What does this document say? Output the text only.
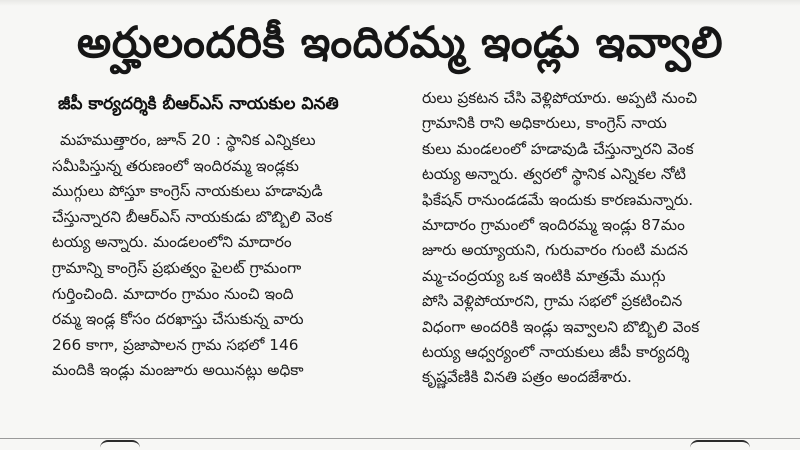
అర్హులందరికీ ఇందిరమ్మ ఇండ్లు ఇవ్వాలి
జీపీ కార్యదర్శికి బీఆర్ఎస్ నాయకుల వినతి
మహముత్తారం, జూన్ 20 : స్థానిక ఎన్నికలు
సమీపిస్తున్న తరుణంలో ఇందిరమ్మ ఇండ్లకు
ముగ్గులు పోస్తూ కాంగ్రెస్ నాయకులు హడావుడి
చేస్తున్నారని బీఆర్ఎస్ నాయకుడు బొబ్బిలి వెంక
టయ్య అన్నారు. మండలంలోని మాదారం
గ్రామాన్ని కాంగ్రెస్ ప్రభుత్వం పైలట్ గ్రామంగా
గుర్తించింది. మాదారం గ్రామం నుంచి ఇంది
రమ్మ ఇండ్ల కోసం దరఖాస్తు చేసుకున్న వారు
266 కాగా, ప్రజాపాలన గ్రామ సభలో 146
మందికి ఇండ్లు మంజూరు అయినట్లు అధికా
రులు ప్రకటన చేసి వెళ్లిపోయారు. అప్పటి నుంచి
గ్రామానికి రాని అధికారులు, కాంగ్రెస్ నాయ
కులు మండలంలో హడావుడి చేస్తున్నారని వెంక
టయ్య అన్నారు. త్వరలో స్థానిక ఎన్నికల నోటి
ఫికేషన్ రానుండడమే ఇందుకు కారణమన్నారు.
మాదారం గ్రామంలో ఇందిరమ్మ ఇండ్లు 87మం
జూరు అయ్యాయని, గురువారం గుంటి మదన
మ్మ-చంద్రయ్య ఒక ఇంటికి మాత్రమే ముగ్గు
పోసి వెళ్లిపోయారని, గ్రామ సభలో ప్రకటించిన
విధంగా అందరికి ఇండ్లు ఇవ్వాలని బొబ్బిలి వెంక
టయ్య ఆధ్వర్యంలో నాయకులు జీపీ కార్యదర్శి
కృష్ణవేణికి వినతి పత్రం అందజేశారు.
